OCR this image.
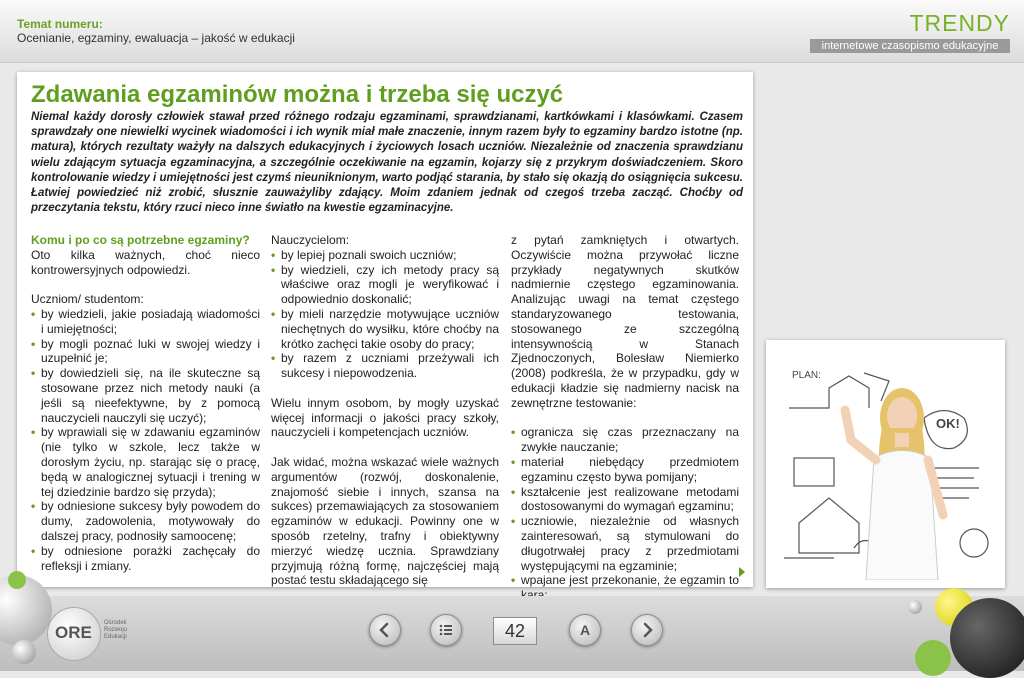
Temat numeru:
Ocenianie, egzaminy, ewaluacja – jakość w edukacji
TRENDY
internetowe czasopismo edukacyjne
Zdawania egzaminów można i trzeba się uczyć

Niemal każdy dorosły człowiek stawał przed różnego rodzaju egzaminami, sprawdzianami, kartkówkami i klasówkami. Czasem sprawdzały one niewielki wycinek wiadomości i ich wynik miał małe znaczenie, innym razem były to egzaminy bardzo istotne (np. matura), których rezultaty ważyły na dalszych edukacyjnych i życiowych losach uczniów. Niezależnie od znaczenia sprawdzianu wielu zdającym sytuacja egzaminacyjna, a szczególnie oczekiwanie na egzamin, kojarzy się z przykrym doświadczeniem. Skoro kontrolowanie wiedzy i umiejętności jest czymś nieuniknionym, warto podjąć starania, by stało się okazją do osiągnięcia sukcesu. Łatwiej powiedzieć niż zrobić, słusznie zauważyliby zdający. Moim zdaniem jednak od czegoś trzeba zacząć. Choćby od przeczytania tekstu, który rzuci nieco inne światło na kwestie egzaminacyjne.

Komu i po co są potrzebne egzaminy?

Oto kilka ważnych, choć nieco kontrowersyjnych odpowiedzi.

Uczniom/ studentom:

• by wiedzieli, jakie posiadają wiadomości i umiejętności;
• by mogli poznać luki w swojej wiedzy i uzupełnić je;
• by dowiedzieli się, na ile skuteczne są stosowane przez nich metody nauki (a jeśli są nieefektywne, by z pomocą nauczycieli nauczyli się uczyć);
• by wprawiali się w zdawaniu egzaminów (nie tylko w szkole, lecz także w dorosłym życiu, np. starając się o pracę, będą w analogicznej sytuacji i trening w tej dziedzinie bardzo się przyda);
• by odniesione sukcesy były powodem do dumy, zadowolenia, motywowały do dalszej pracy, podnosiły samoocenę;
• by odniesione porażki zachęcały do refleksji i zmiany.

Nauczycielom:

• by lepiej poznali swoich uczniów;
• by wiedzieli, czy ich metody pracy są właściwe oraz mogli je weryfikować i odpowiednio doskonalić;
• by mieli narzędzie motywujące uczniów niechętnych do wysiłku, które choćby na krótko zachęci takie osoby do pracy;
• by razem z uczniami przeżywali ich sukcesy i niepowodzenia.

Wielu innym osobom, by mogły uzyskać więcej informacji o jakości pracy szkoły, nauczycieli i kompetencjach uczniów.

Jak widać, można wskazać wiele ważnych argumentów (rozwój, doskonalenie, znajomość siebie i innych, szansa na sukces) przemawiających za stosowaniem egzaminów w edukacji. Powinny one w sposób rzetelny, trafny i obiektywny mierzyć wiedzę ucznia. Sprawdziany przyjmują różną formę, najczęściej mają postać testu składającego się

z pytań zamkniętych i otwartych. Oczywiście można przywołać liczne przykłady negatywnych skutków nadmiernie częstego egzaminowania. Analizując uwagi na temat częstego standaryzowanego testowania, stosowanego ze szczególną intensywnością w Stanach Zjednoczonych, Bolesław Niemierko (2008) podkreśla, że w przypadku, gdy w edukacji kładzie się nadmierny nacisk na zewnętrzne testowanie:

• ogranicza się czas przeznaczany na zwykłe nauczanie;
• materiał niebędący przedmiotem egzaminu często bywa pomijany;
• kształcenie jest realizowane metodami dostosowanymi do wymagań egzaminu;
• uczniowie, niezależnie od własnych zainteresowań, są stymulowani do długotrwałej pracy z przedmiotami występującymi na egzaminie;
• wpajane jest przekonanie, że egzamin to
PLAN:
OK!
ORE Ośrodek
Rozwoju
Edukacji	42	A
